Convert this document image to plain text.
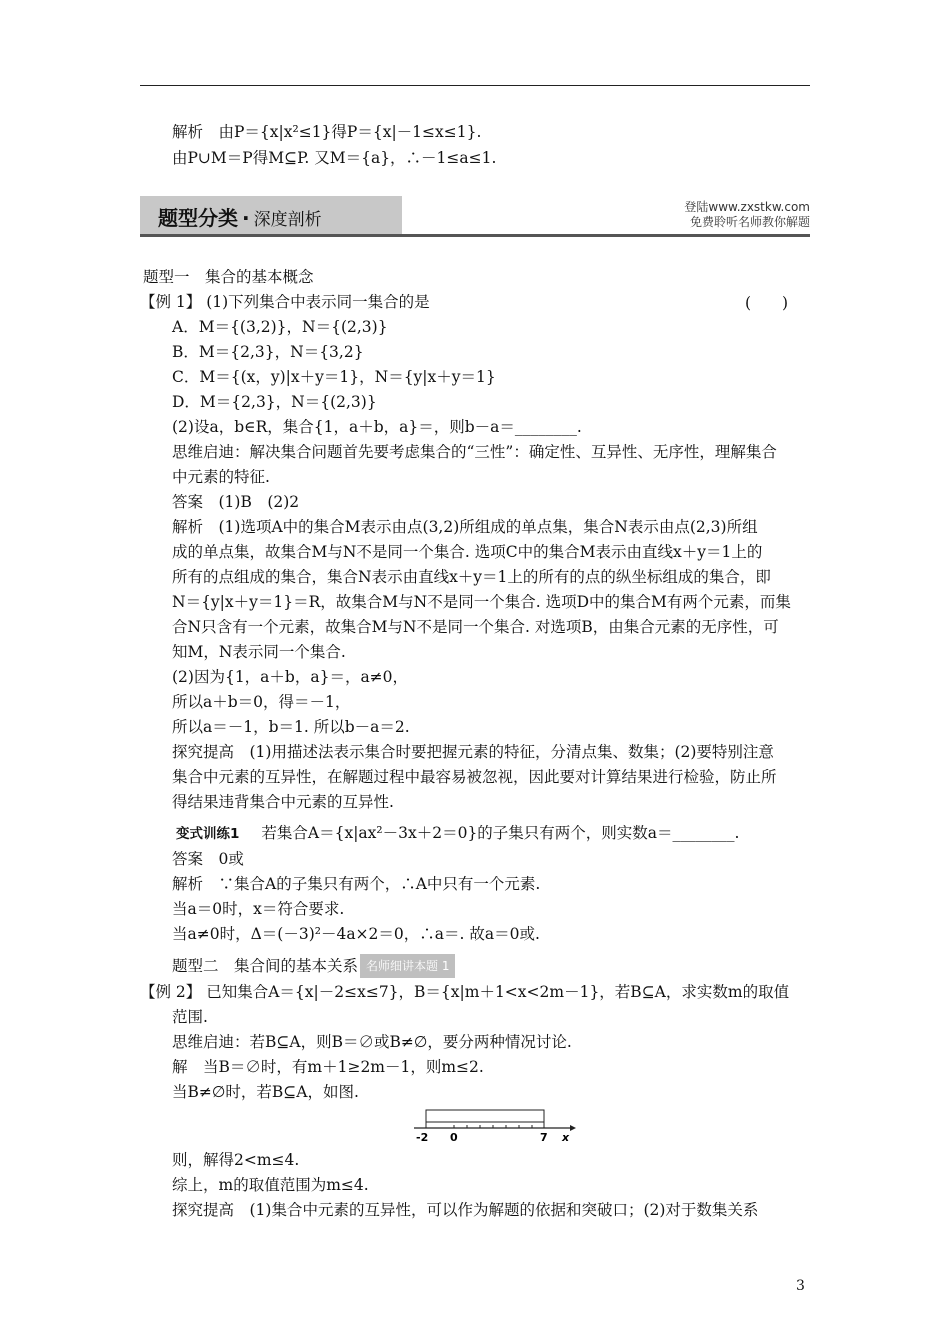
解析　由P＝{x|x²≤1}得P＝{x|－1≤x≤1}.
由P∪M＝P得M⊆P. 又M＝{a}，∴－1≤a≤1.
题型分类 · 深度剖析
登陆www.zxstkw.com
免费聆听名师教你解题
题型一　集合的基本概念
【例 1】 (1)下列集合中表示同一集合的是	(　　)
A．M＝{(3,2)}，N＝{(2,3)}
B．M＝{2,3}，N＝{3,2}
C．M＝{(x，y)|x＋y＝1}，N＝{y|x＋y＝1}
D．M＝{2,3}，N＝{(2,3)}
(2)设a，b∈R，集合{1，a＋b，a}＝，则b－a＝________.
思维启迪：解决集合问题首先要考虑集合的“三性”：确定性、互异性、无序性，理解集合
中元素的特征.
答案　(1)B　(2)2
解析　(1)选项A中的集合M表示由点(3,2)所组成的单点集，集合N表示由点(2,3)所组
成的单点集，故集合M与N不是同一个集合. 选项C中的集合M表示由直线x＋y＝1上的
所有的点组成的集合，集合N表示由直线x＋y＝1上的所有的点的纵坐标组成的集合，即
N＝{y|x＋y＝1}＝R，故集合M与N不是同一个集合. 选项D中的集合M有两个元素，而集
合N只含有一个元素，故集合M与N不是同一个集合. 对选项B，由集合元素的无序性，可
知M，N表示同一个集合.
(2)因为{1，a＋b，a}＝，a≠0，
所以a＋b＝0，得＝－1，
所以a＝－1，b＝1. 所以b－a＝2.
探究提高　(1)用描述法表示集合时要把握元素的特征，分清点集、数集；(2)要特别注意
集合中元素的互异性，在解题过程中最容易被忽视，因此要对计算结果进行检验，防止所
得结果违背集合中元素的互异性.
变式训练1 若集合A＝{x|ax²－3x＋2＝0}的子集只有两个，则实数a＝________.
答案　0或
解析　∵集合A的子集只有两个，∴A中只有一个元素.
当a＝0时，x＝符合要求.
当a≠0时，Δ＝(－3)²－4a×2＝0，∴a＝. 故a＝0或.
题型二　集合间的基本关系 名师细讲本题 1
【例 2】 已知集合A＝{x|－2≤x≤7}，B＝{x|m＋1<x<2m－1}，若B⊆A，求实数m的取值
范围.
思维启迪：若B⊆A，则B＝∅或B≠∅，要分两种情况讨论.
解　当B＝∅时，有m＋1≥2m－1，则m≤2.
当B≠∅时，若B⊆A，如图.
-2 0	7 x
则，解得2<m≤4.
综上，m的取值范围为m≤4.
探究提高　(1)集合中元素的互异性，可以作为解题的依据和突破口；(2)对于数集关系
3
